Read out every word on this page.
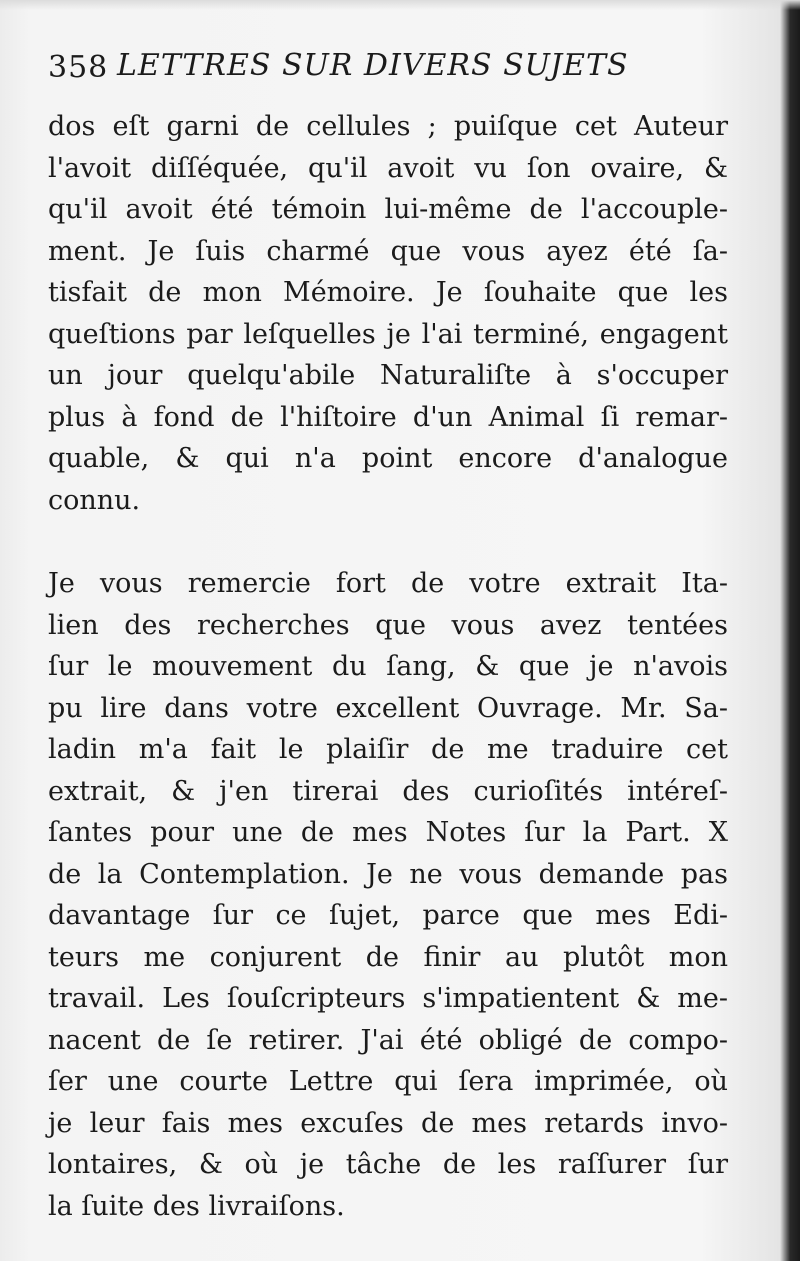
358 LETTRES SUR DIVERS SUJETS
dos eſt garni de cellules ; puiſque cet Auteur
l'avoit diſſéquée, qu'il avoit vu ſon ovaire, &
qu'il avoit été témoin lui-même de l'accouple-
ment. Je ſuis charmé que vous ayez été ſa-
tisfait de mon Mémoire. Je ſouhaite que les
queſtions par leſquelles je l'ai terminé, engagent
un jour quelqu'abile Naturaliſte à s'occuper
plus à fond de l'hiſtoire d'un Animal ſi remar-
quable, & qui n'a point encore d'analogue
connu.
Je vous remercie fort de votre extrait Ita-
lien des recherches que vous avez tentées
ſur le mouvement du ſang, & que je n'avois
pu lire dans votre excellent Ouvrage. Mr. Sa-
ladin m'a fait le plaiſir de me traduire cet
extrait, & j'en tirerai des curioſités intéreſ-
ſantes pour une de mes Notes ſur la Part. X
de la Contemplation. Je ne vous demande pas
davantage ſur ce ſujet, parce que mes Edi-
teurs me conjurent de finir au plutôt mon
travail. Les ſouſcripteurs s'impatientent & me-
nacent de ſe retirer. J'ai été obligé de compo-
ſer une courte Lettre qui ſera imprimée, où
je leur fais mes excuſes de mes retards invo-
lontaires, & où je tâche de les raſſurer ſur
la ſuite des livraiſons.
